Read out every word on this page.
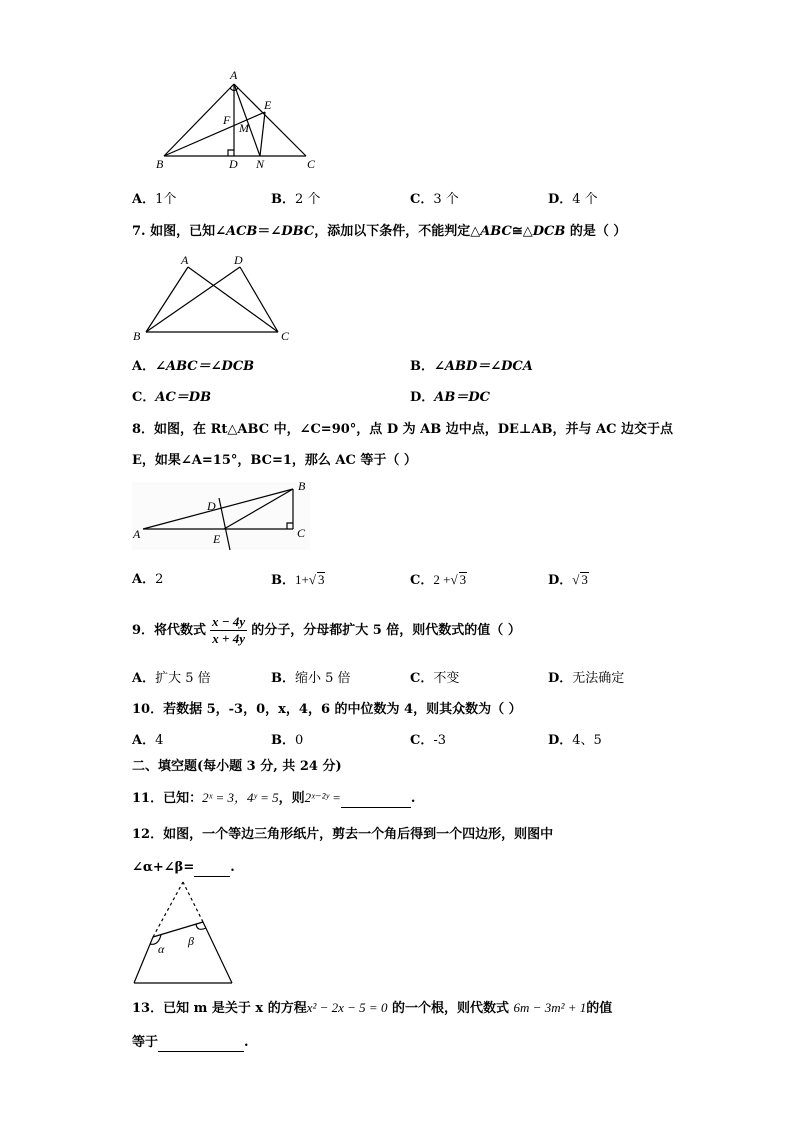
A
B	C
D
E
F
M
N
A．1个	B．2 个	C．3 个	D．4 个
7. 如图，已知∠ACB＝∠DBC，添加以下条件，不能判定△ABC≅△DCB 的是（ ）
A	D
B	C
A．∠ABC＝∠DCB	B．∠ABD＝∠DCA
C．AC＝DB	D．AB＝DC
8．如图，在 Rt△ABC 中，∠C=90°，点 D 为 AB 边中点，DE⊥AB，并与 AC 边交于点
E，如果∠A=15°，BC=1，那么 AC 等于（ ）
A
B
C
D
E
A．2	B．1+√ 3	C．2 +√ 3	D．√ 3
9．将代数式 $\frac{x - 4y}{x + 4y}$ 的分子，分母都扩大 5 倍，则代数式的值（ ）
A．扩大 5 倍	B．缩小 5 倍	C．不变	D．无法确定
10．若数据 5，-3，0，x，4，6 的中位数为 4，则其众数为（ ）
A．4	B．0	C．-3	D．4、5
二、填空题(每小题 3 分, 共 24 分)
11．已知：2ˣ = 3，4ʸ = 5，则2ˣ⁻²ʸ =	.
12．如图，一个等边三角形纸片，剪去一个角后得到一个四边形，则图中
∠α+∠β=	.
α
β
13．已知 m 是关于 x 的方程x² − 2x − 5 = 0 的一个根，则代数式 6m − 3m² + 1的值
等于	.
